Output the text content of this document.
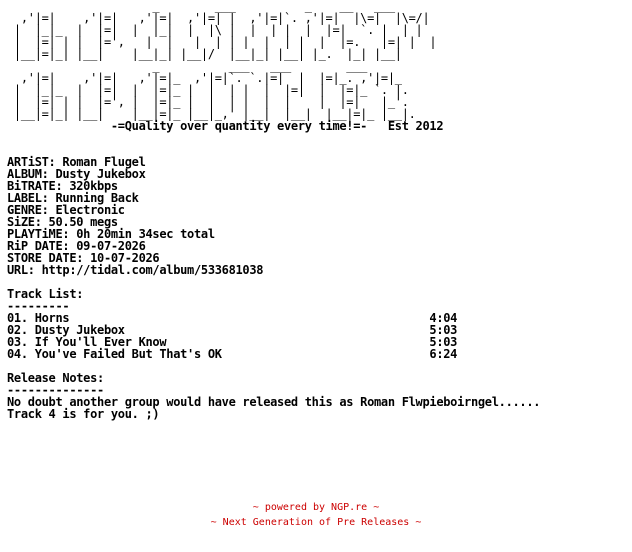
_        ___          _    __   ___
,'|=|    ,'|=|   ,'|=|  ,'|=| |  ,'|=|`. ,'|=|  |\=|  |\=/|
|  |_|_  |  |=|  |  |_|  |  |\ |  |  | |  |  |=|  `. |  | |
|  |=| | |  |=',   |  |   |  | | |  |  | |  |  |=.   |=| |  |
|__|=|_| |__|    |__|_| |__|/  |__|_| |__| |_.  |_| |__|

_          ___   ___        ___
,'|=|    ,'|=|   ,'|=|_  ,'|=|`. `.|=|  |  |=|_. ,'|=|_
|  |_|_  |  |=|  |  |=|_ |  |  | |  |  |=|  |  |=|_ `. |.
|  |=| | |  |=', |  |=|_ |  |  | |  |  |    |  |=|   |_'.
|__|=|_| |__|    |__|=|_ |__|_,' |__|  |__|  |__|=|_ |__|.

-=Quality over quantity every time!=-   Est 2012

ARTiST: Roman Flugel
ALBUM: Dusty Jukebox
BiTRATE: 320kbps
LABEL: Running Back
GENRE: Electronic
SiZE: 50.50 megs
PLAYTiME: 0h 20min 34sec total
RiP DATE: 09-07-2026
STORE DATE: 10-07-2026
URL: http://tidal.com/album/533681038

Track List:
---------
01. Horns                                                    4:04
02. Dusty Jukebox                                            5:03
03. If You'll Ever Know                                      5:03
04. You've Failed But That's OK                              6:24

Release Notes:
--------------
No doubt another group would have released this as Roman Flwpieboirngel......
Track 4 is for you. ;)
~ powered by NGP.re ~
~ Next Generation of Pre Releases ~
